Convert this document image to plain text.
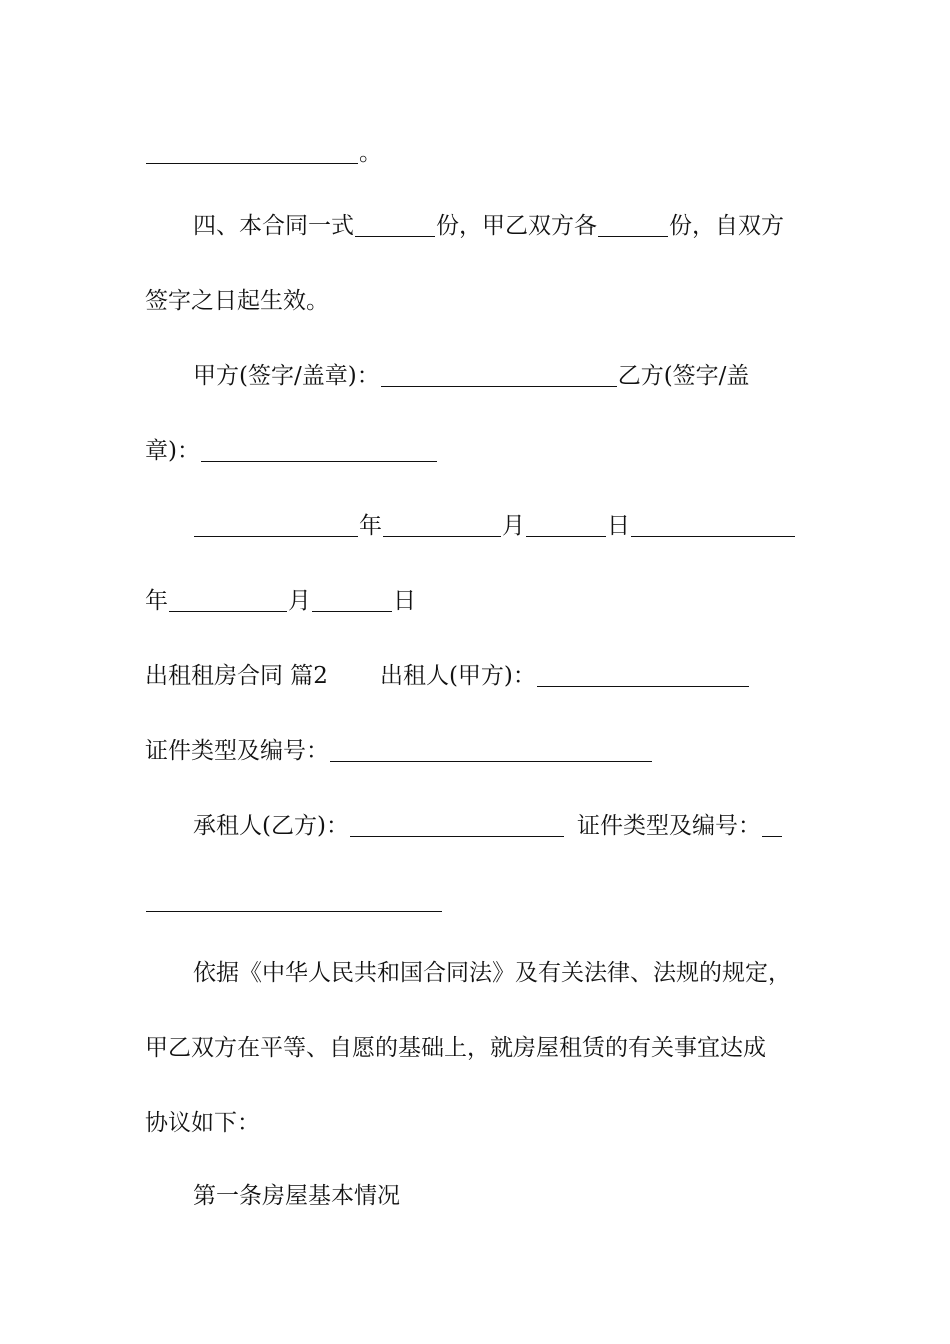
。
四、本合同一式	份，甲乙双方各	份，自双方
签字之日起生效。
甲方(签字/盖章)：	乙方(签字/盖
章)：
年	月	日
年	月	日
出租租房合同 篇2 出租人(甲方)：
证件类型及编号：
承租人(乙方)：	证件类型及编号：
依据《中华人民共和国合同法》及有关法律、法规的规定，
甲乙双方在平等、自愿的基础上，就房屋租赁的有关事宜达成
协议如下：
第一条房屋基本情况
